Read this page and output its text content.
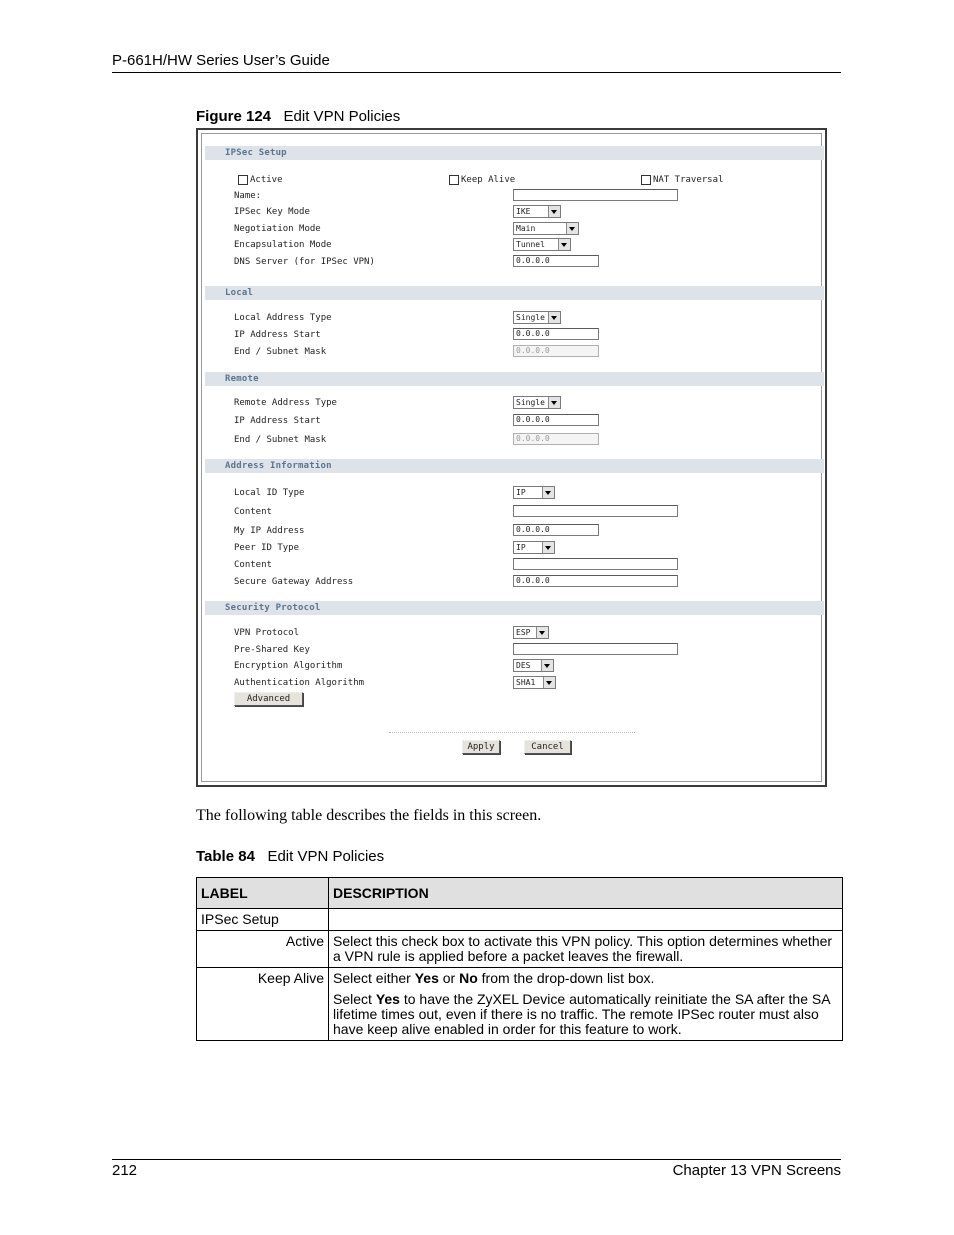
P-661H/HW Series User’s Guide
Figure 124 Edit VPN Policies
IPSec Setup
Active	Keep Alive	NAT Traversal
Name:
IPSec Key Mode	IKE
Negotiation Mode	Main
Encapsulation Mode	Tunnel
DNS Server (for IPSec VPN)	0.0.0.0
Local
Local Address Type	Single
IP Address Start	0.0.0.0
End / Subnet Mask	0.0.0.0
Remote
Remote Address Type	Single
IP Address Start	0.0.0.0
End / Subnet Mask	0.0.0.0
Address Information
Local ID Type	IP
Content
My IP Address	0.0.0.0
Peer ID Type	IP
Content
Secure Gateway Address	0.0.0.0
Security Protocol
VPN Protocol	ESP
Pre-Shared Key
Encryption Algorithm	DES
Authentication Algorithm	SHA1
Advanced
Apply	Cancel
The following table describes the fields in this screen.
Table 84 Edit VPN Policies
LABEL	DESCRIPTION
IPSec Setup	
Active	Select this check box to activate this VPN policy. This option determines whether a VPN rule is applied before a packet leaves the firewall.
Keep Alive	Select either Yes or No from the drop-down list box.

Select Yes to have the ZyXEL Device automatically reinitiate the SA after the SA lifetime times out, even if there is no traffic. The remote IPSec router must also have keep alive enabled in order for this feature to work.

212	Chapter 13 VPN Screens
